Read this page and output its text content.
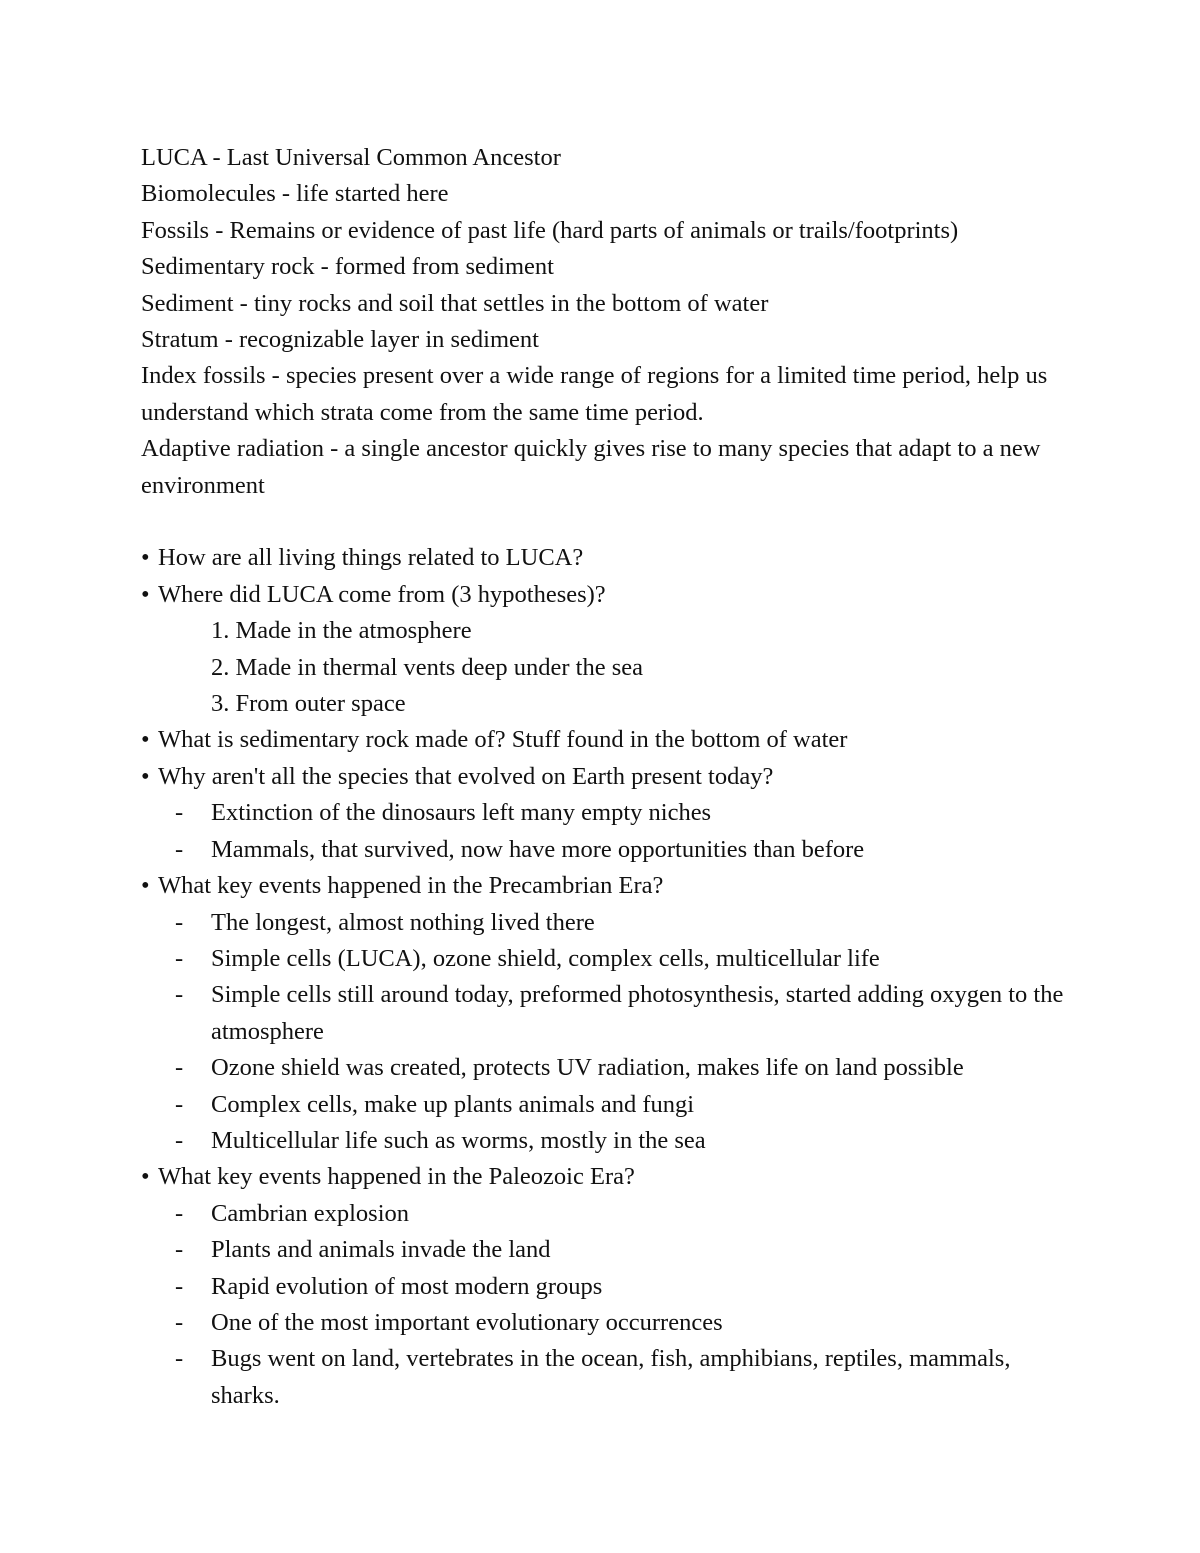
LUCA - Last Universal Common Ancestor

Biomolecules - life started here

Fossils - Remains or evidence of past life (hard parts of animals or trails/footprints)

Sedimentary rock - formed from sediment

Sediment - tiny rocks and soil that settles in the bottom of water

Stratum - recognizable layer in sediment

Index fossils - species present over a wide range of regions for a limited time period, help us understand which strata come from the same time period.

Adaptive radiation - a single ancestor quickly gives rise to many species that adapt to a new environment

• How are all living things related to LUCA?

• Where did LUCA come from (3 hypotheses)?

1. Made in the atmosphere

2. Made in thermal vents deep under the sea

3. From outer space

• What is sedimentary rock made of? Stuff found in the bottom of water

• Why aren't all the species that evolved on Earth present today?

- Extinction of the dinosaurs left many empty niches

- Mammals, that survived, now have more opportunities than before

• What key events happened in the Precambrian Era?

- The longest, almost nothing lived there

- Simple cells (LUCA), ozone shield, complex cells, multicellular life

- Simple cells still around today, preformed photosynthesis, started adding oxygen to the atmosphere

- Ozone shield was created, protects UV radiation, makes life on land possible

- Complex cells, make up plants animals and fungi

- Multicellular life such as worms, mostly in the sea

• What key events happened in the Paleozoic Era?

- Cambrian explosion

- Plants and animals invade the land

- Rapid evolution of most modern groups

- One of the most important evolutionary occurrences

- Bugs went on land, vertebrates in the ocean, fish, amphibians, reptiles, mammals, sharks.
